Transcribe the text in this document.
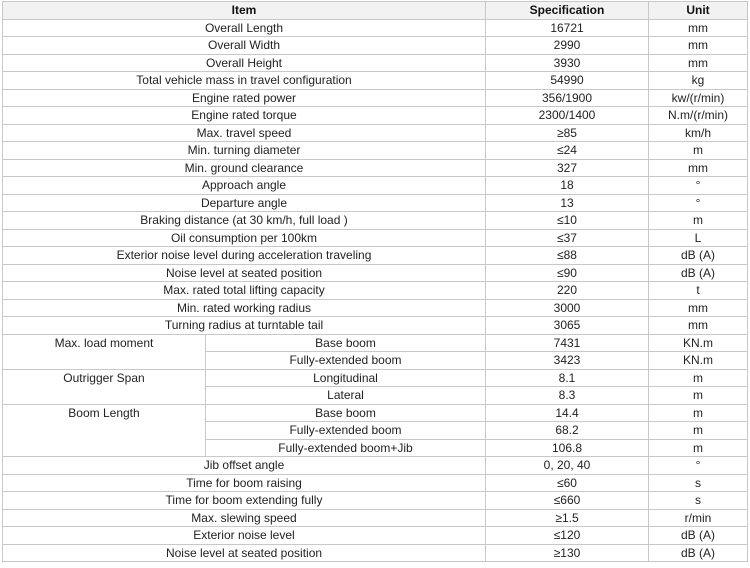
Item		Specification	Unit
Overall Length		16721	mm
Overall Width		2990	mm
Overall Height		3930	mm
Total vehicle mass in travel configuration		54990	kg
Engine rated power		356/1900	kw/(r/min)
Engine rated torque		2300/1400	N.m/(r/min)
Max. travel speed		≥85	km/h
Min. turning diameter		≤24	m
Min. ground clearance		327	mm
Approach angle		18	°
Departure angle		13	°
Braking distance (at 30 km/h, full load )		≤10	m
Oil consumption per 100km		≤37	L
Exterior noise level during acceleration traveling		≤88	dB (A)
Noise level at seated position		≤90	dB (A)
Max. rated total lifting capacity		220	t
Min. rated working radius		3000	mm
Turning radius at turntable tail		3065	mm
Max. load moment	Base boom	7431	KN.m
	Fully-extended boom	3423	KN.m
Outrigger Span	Longitudinal	8.1	m
	Lateral	8.3	m
Boom Length	Base boom	14.4	m
	Fully-extended boom	68.2	m
	Fully-extended boom+Jib	106.8	m
Jib offset angle		0, 20, 40	°
Time for boom raising		≤60	s
Time for boom extending fully		≤660	s
Max. slewing speed		≥1.5	r/min
Exterior noise level		≤120	dB (A)
Noise level at seated position		≥130	dB (A)
